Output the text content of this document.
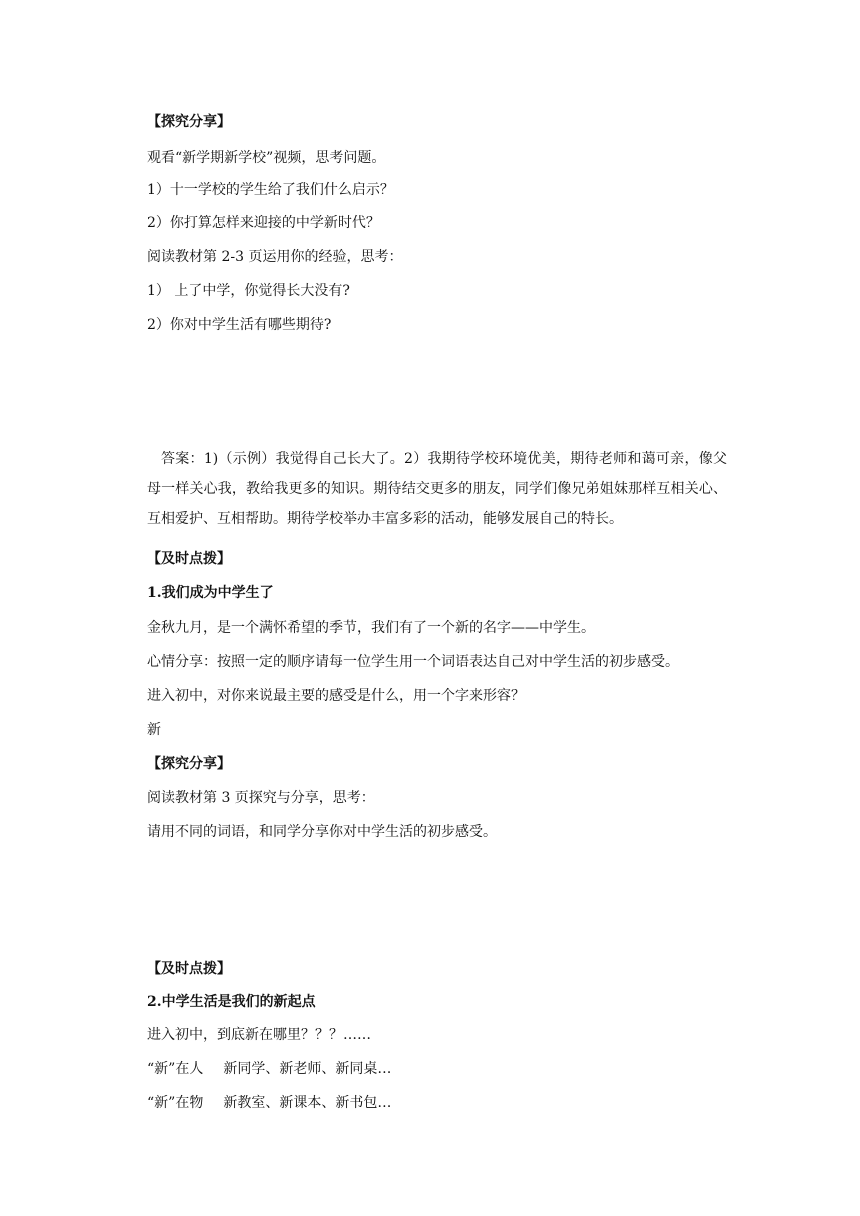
【探究分享】
观看“新学期新学校”视频，思考问题。
1）十一学校的学生给了我们什么启示？
2）你打算怎样来迎接的中学新时代？
阅读教材第 2-3 页运用你的经验，思考：
1） 上了中学，你觉得长大没有?
2）你对中学生活有哪些期待?

答案：1)（示例）我觉得自己长大了。2）我期待学校环境优美，期待老师和蔼可亲，像父母一样关心我，教给我更多的知识。期待结交更多的朋友，同学们像兄弟姐妹那样互相关心、互相爱护、互相帮助。期待学校举办丰富多彩的活动，能够发展自己的特长。

【及时点拨】
1.我们成为中学生了
金秋九月，是一个满怀希望的季节，我们有了一个新的名字——中学生。
心情分享：按照一定的顺序请每一位学生用一个词语表达自己对中学生活的初步感受。
进入初中，对你来说最主要的感受是什么，用一个字来形容？
新
【探究分享】
阅读教材第 3 页探究与分享，思考：
请用不同的词语，和同学分享你对中学生活的初步感受。
【及时点拨】
2.中学生活是我们的新起点
进入初中，到底新在哪里？？？……
“新”在人 新同学、新老师、新同桌…
“新”在物 新教室、新课本、新书包…
